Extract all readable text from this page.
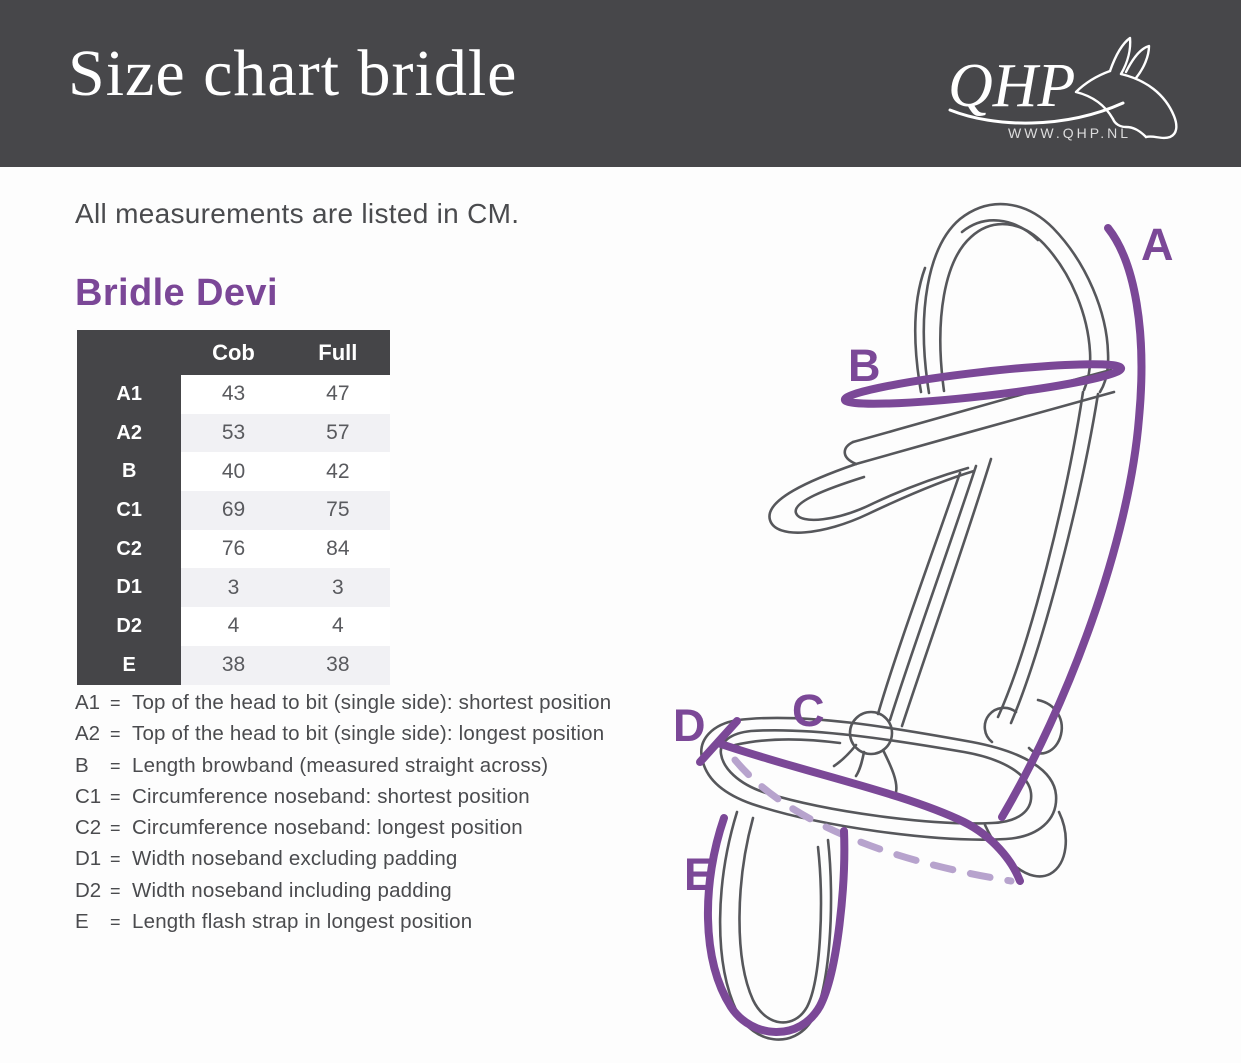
Size chart bridle	QHP
WWW.QHP.NL
All measurements are listed in CM.
Bridle Devi
	Cob	Full
A1	43	47
A2	53	57
B	40	42
C1	69	75
C2	76	84
D1	3	3
D2	4	4
E	38	38
A1 = Top of the head to bit (single side): shortest position
A2 = Top of the head to bit (single side): longest position
B	= Length browband (measured straight across)
C1 = Circumference noseband: shortest position
C2 = Circumference noseband: longest position
D1 = Width noseband excluding padding
D2 = Width noseband including padding
E	= Length flash strap in longest position
A
B
C
D
E
